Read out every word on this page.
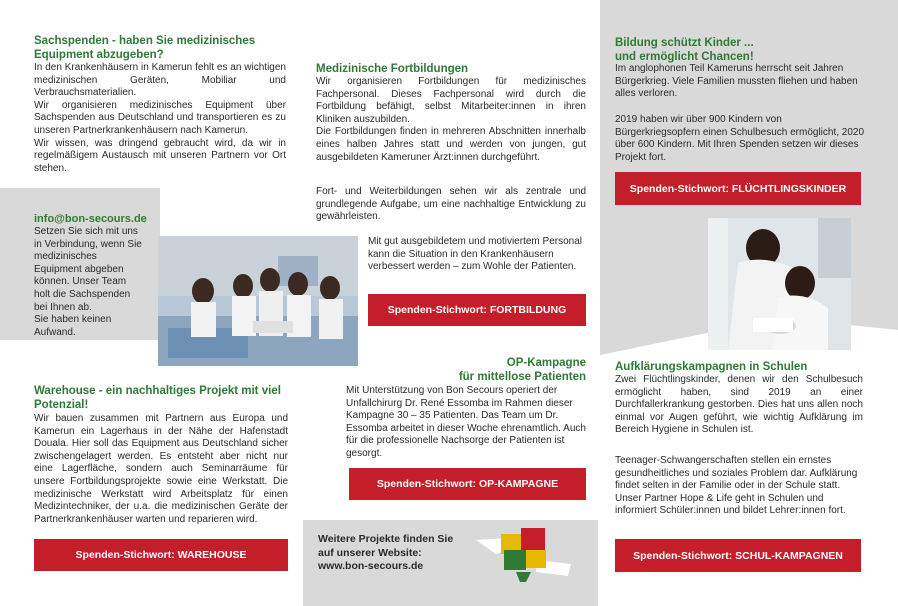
Sachspenden - haben Sie medizinisches Equipment abzugeben?
In den Krankenhäusern in Kamerun fehlt es an wichtigen medizinischen Geräten, Mobiliar und Verbrauchsmaterialien.
Wir organisieren medizinisches Equipment über Sachspenden aus Deutschland und transportieren es zu unseren Partnerkrankenhäusern nach Kamerun.
Wir wissen, was dringend gebraucht wird, da wir in regelmäßigem Austausch mit unseren Partnern vor Ort stehen.
info@bon-secours.de
Setzen Sie sich mit uns in Verbindung, wenn Sie medizinisches Equipment abgeben können. Unser Team holt die Sachspenden bei Ihnen ab.
Sie haben keinen Aufwand.
Warehouse - ein nachhaltiges Projekt mit viel Potenzial!
Wir bauen zusammen mit Partnern aus Europa und Kamerun ein Lagerhaus in der Nähe der Hafenstadt Douala. Hier soll das Equipment aus Deutschland sicher zwischengelagert werden. Es entsteht aber nicht nur eine Lagerfläche, sondern auch Seminarräume für unsere Fortbildungsprojekte sowie eine Werkstatt. Die medizinische Werkstatt wird Arbeitsplatz für einen Medizintechniker, der u.a. die medizinischen Geräte der Partnerkrankenhäuser warten und reparieren wird.
Spenden-Stichwort: WAREHOUSE
Medizinische Fortbildungen
Wir organisieren Fortbildungen für medizinisches Fachpersonal. Dieses Fachpersonal wird durch die Fortbildung befähigt, selbst Mitarbeiter:innen in ihren Kliniken auszubilden.
Die Fortbildungen finden in mehreren Abschnitten innerhalb eines halben Jahres statt und werden von jungen, gut ausgebildeten Kameruner Ärzt:innen durchgeführt.
Fort- und Weiterbildungen sehen wir als zentrale und grundlegende Aufgabe, um eine nachhaltige Entwicklung zu gewährleisten.
Mit gut ausgebildetem und motiviertem Personal kann die Situation in den Krankenhäusern verbessert werden – zum Wohle der Patienten.
Spenden-Stichwort: FORTBILDUNG
OP-Kampagne
für mittellose Patienten
Mit Unterstützung von Bon Secours operiert der Unfallchirurg Dr. René Essomba im Rahmen dieser Kampagne 30 – 35 Patienten. Das Team um Dr. Essomba arbeitet in dieser Woche ehrenamtlich. Auch für die professionelle Nachsorge der Patienten ist gesorgt.
Spenden-Stichwort: OP-KAMPAGNE
Weitere Projekte finden Sie auf unserer Website:
www.bon-secours.de
Bildung schützt Kinder ...
und ermöglicht Chancen!
Im anglophonen Teil Kameruns herrscht seit Jahren Bürgerkrieg. Viele Familien mussten fliehen und haben alles verloren.
2019 haben wir über 900 Kindern von Bürgerkriegsopfern einen Schulbesuch ermöglicht, 2020 über 600 Kindern. Mit Ihren Spenden setzen wir dieses Projekt fort.
Spenden-Stichwort: FLÜCHTLINGSKINDER
Aufklärungskampagnen in Schulen
Zwei Flüchtlingskinder, denen wir den Schulbesuch ermöglicht haben, sind 2019 an einer Durchfallerkrankung gestorben. Dies hat uns allen noch einmal vor Augen geführt, wie wichtig Aufklärung im Bereich Hygiene in Schulen ist.
Teenager-Schwangerschaften stellen ein ernstes gesundheitliches und soziales Problem dar. Aufklärung findet selten in der Familie oder in der Schule statt. Unser Partner Hope & Life geht in Schulen und informiert Schüler:innen und bildet Lehrer:innen fort.
Spenden-Stichwort: SCHUL-KAMPAGNEN
